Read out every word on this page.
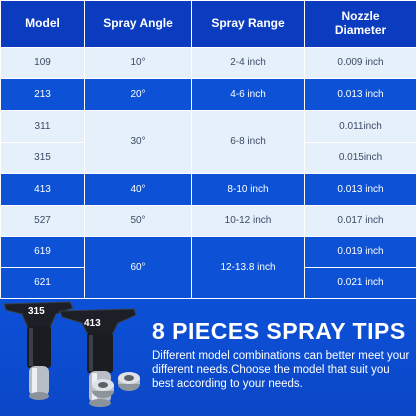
Model	Spray Angle	Spray Range	Nozzle
Diameter
109	10°	2-4 inch	0.009 inch
213	20°	4-6 inch	0.013 inch
311	30°	6-8 inch	0.011inch
315			0.015inch
413	40°	8-10 inch	0.013 inch
527	50°	10-12 inch	0.017 inch
619	60°	12-13.8 inch	0.019 inch
621			0.021 inch
315
413 8 PIECES SPRAY TIPS
Different model combinations can better meet your different needs.Choose the model that suit you best according to your needs.
